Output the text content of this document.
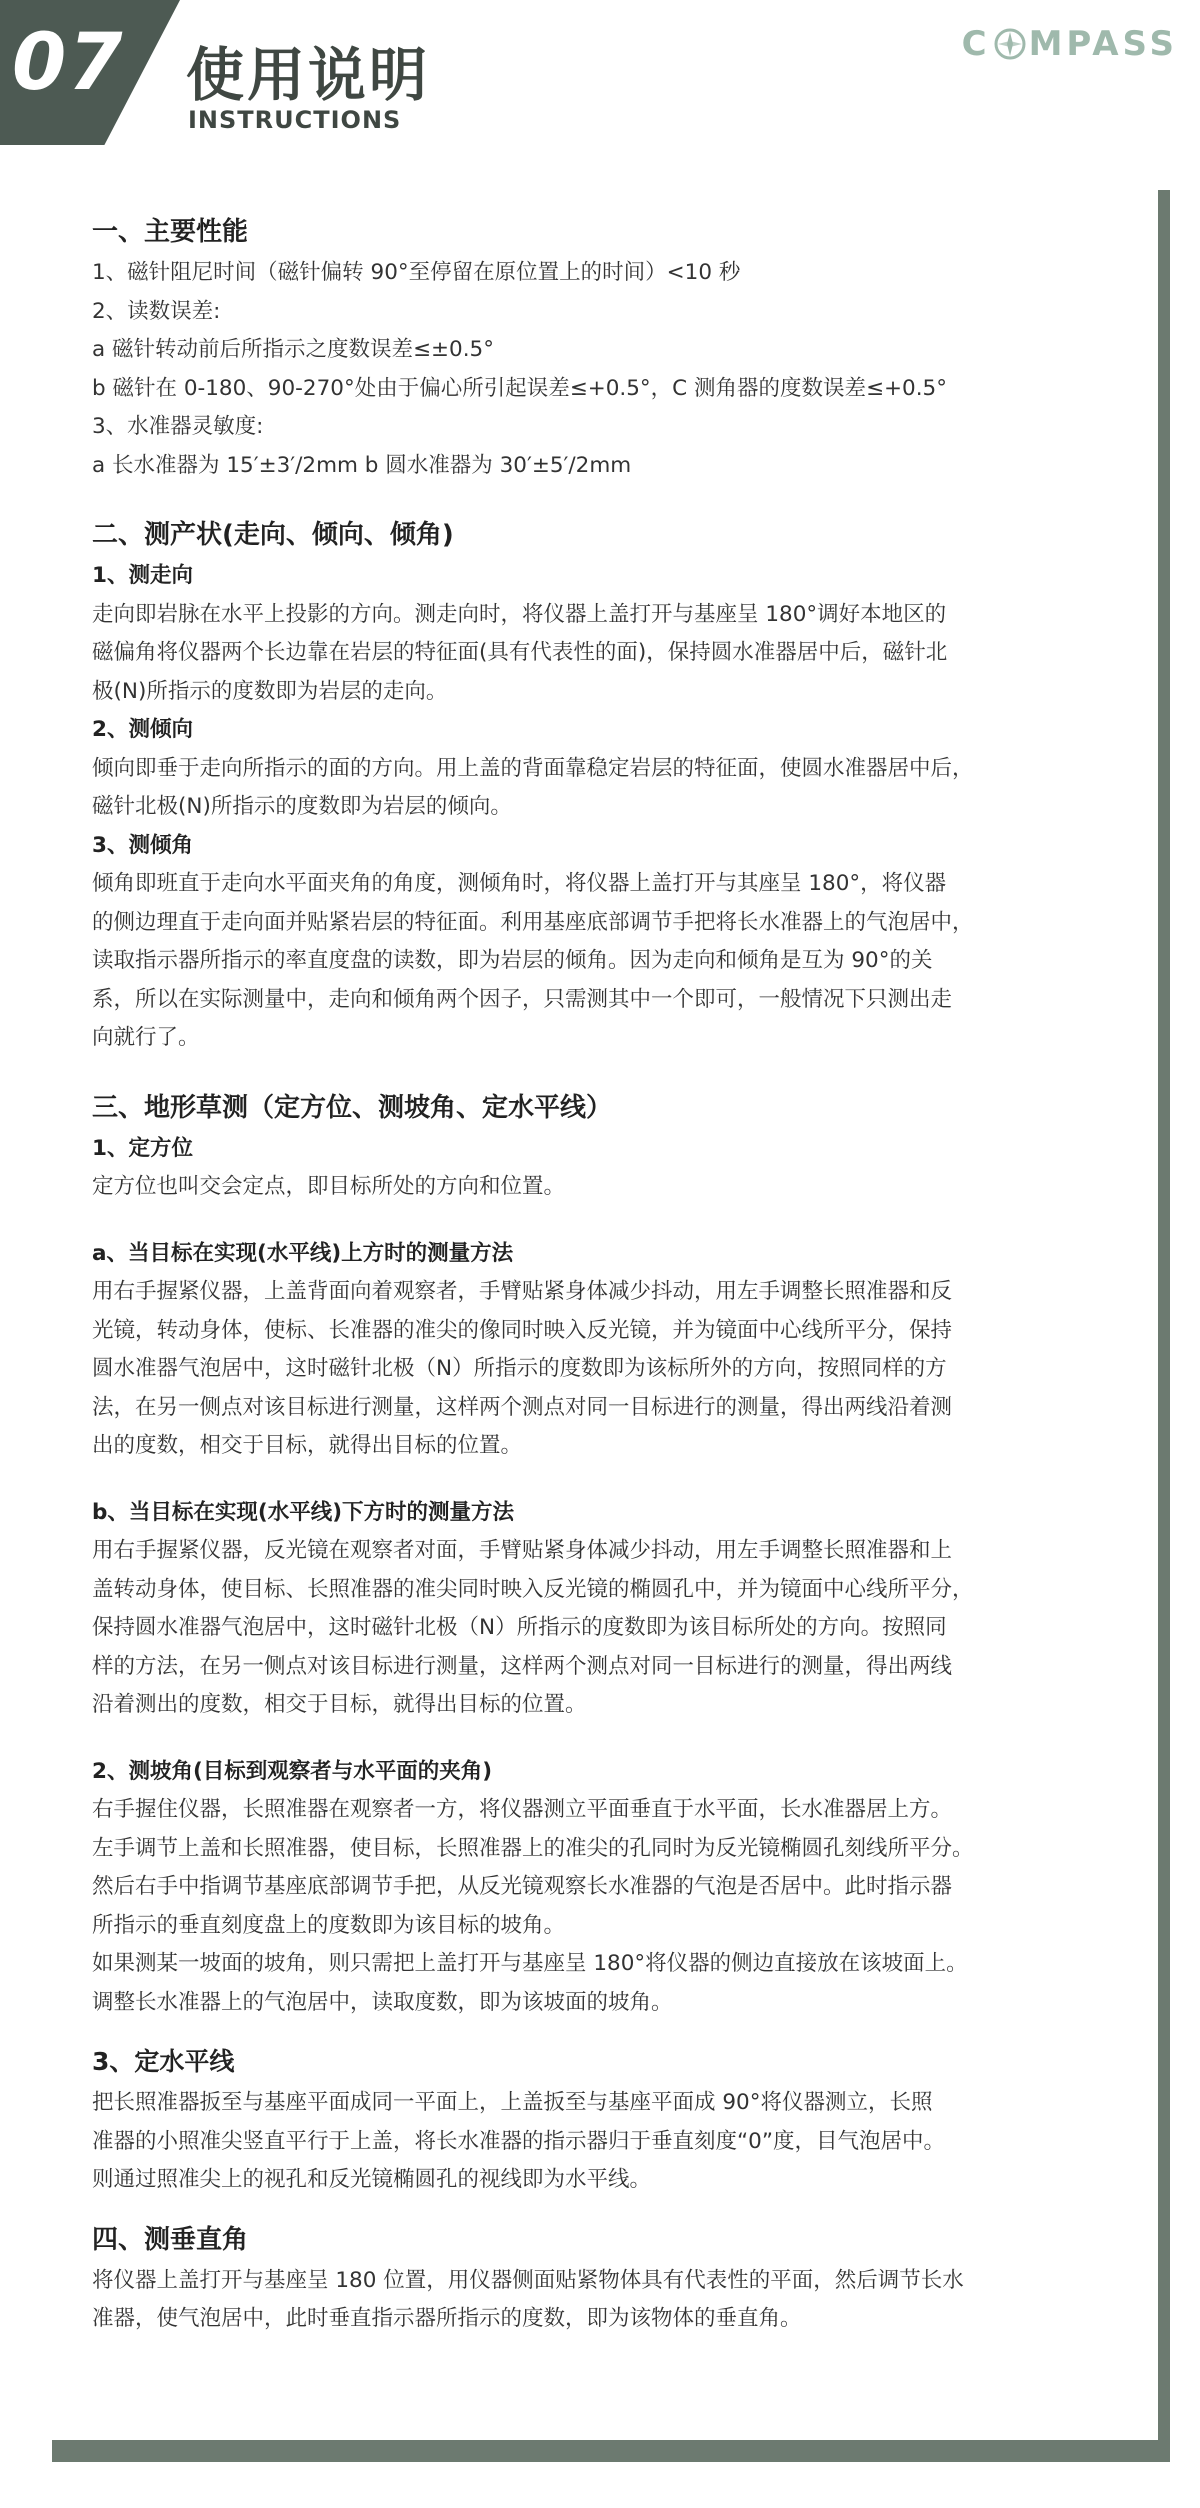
07 使用说明
INSTRUCTIONS
C MPASS
一、主要性能
1、磁针阻尼时间（磁针偏转 90°至停留在原位置上的时间）<10 秒
2、读数误差:
a 磁针转动前后所指示之度数误差≤±0.5°
b 磁针在 0-180、90-270°处由于偏心所引起误差≤+0.5°，C 测角器的度数误差≤+0.5°
3、水准器灵敏度:
a 长水准器为 15′±3′/2mm b 圆水准器为 30′±5′/2mm
二、测产状(走向、倾向、倾角)
1、测走向
走向即岩脉在水平上投影的方向。测走向时，将仪器上盖打开与基座呈 180°调好本地区的
磁偏角将仪器两个长边靠在岩层的特征面(具有代表性的面)，保持圆水准器居中后，磁针北
极(N)所指示的度数即为岩层的走向。
2、测倾向
倾向即垂于走向所指示的面的方向。用上盖的背面靠稳定岩层的特征面，使圆水准器居中后，
磁针北极(N)所指示的度数即为岩层的倾向。
3、测倾角
倾角即班直于走向水平面夹角的角度，测倾角时，将仪器上盖打开与其座呈 180°，将仪器
的侧边理直于走向面并贴紧岩层的特征面。利用基座底部调节手把将长水准器上的气泡居中，
读取指示器所指示的率直度盘的读数，即为岩层的倾角。因为走向和倾角是互为 90°的关
系，所以在实际测量中，走向和倾角两个因子，只需测其中一个即可，一般情况下只测出走
向就行了。
三、地形草测（定方位、测坡角、定水平线）
1、定方位
定方位也叫交会定点，即目标所处的方向和位置。
a、当目标在实现(水平线)上方时的测量方法
用右手握紧仪器，上盖背面向着观察者，手臂贴紧身体减少抖动，用左手调整长照准器和反
光镜，转动身体，使标、长准器的准尖的像同时映入反光镜，并为镜面中心线所平分，保持
圆水准器气泡居中，这时磁针北极（N）所指示的度数即为该标所外的方向，按照同样的方
法，在另一侧点对该目标进行测量，这样两个测点对同一目标进行的测量，得出两线沿着测
出的度数，相交于目标，就得出目标的位置。
b、当目标在实现(水平线)下方时的测量方法
用右手握紧仪器，反光镜在观察者对面，手臂贴紧身体减少抖动，用左手调整长照准器和上
盖转动身体，使目标、长照准器的准尖同时映入反光镜的椭圆孔中，并为镜面中心线所平分，
保持圆水准器气泡居中，这时磁针北极（N）所指示的度数即为该目标所处的方向。按照同
样的方法，在另一侧点对该目标进行测量，这样两个测点对同一目标进行的测量，得出两线
沿着测出的度数，相交于目标，就得出目标的位置。
2、测坡角(目标到观察者与水平面的夹角)
右手握住仪器，长照准器在观察者一方，将仪器测立平面垂直于水平面，长水准器居上方。
左手调节上盖和长照准器，使目标，长照准器上的准尖的孔同时为反光镜椭圆孔刻线所平分。
然后右手中指调节基座底部调节手把，从反光镜观察长水准器的气泡是否居中。此时指示器
所指示的垂直刻度盘上的度数即为该目标的坡角。
如果测某一坡面的坡角，则只需把上盖打开与基座呈 180°将仪器的侧边直接放在该坡面上。
调整长水准器上的气泡居中，读取度数，即为该坡面的坡角。
3、定水平线
把长照准器扳至与基座平面成同一平面上，上盖扳至与基座平面成 90°将仪器测立，长照
准器的小照准尖竖直平行于上盖，将长水准器的指示器归于垂直刻度“0”度，目气泡居中。
则通过照准尖上的视孔和反光镜椭圆孔的视线即为水平线。
四、测垂直角
将仪器上盖打开与基座呈 180 位置，用仪器侧面贴紧物体具有代表性的平面，然后调节长水
准器，使气泡居中，此时垂直指示器所指示的度数，即为该物体的垂直角。
